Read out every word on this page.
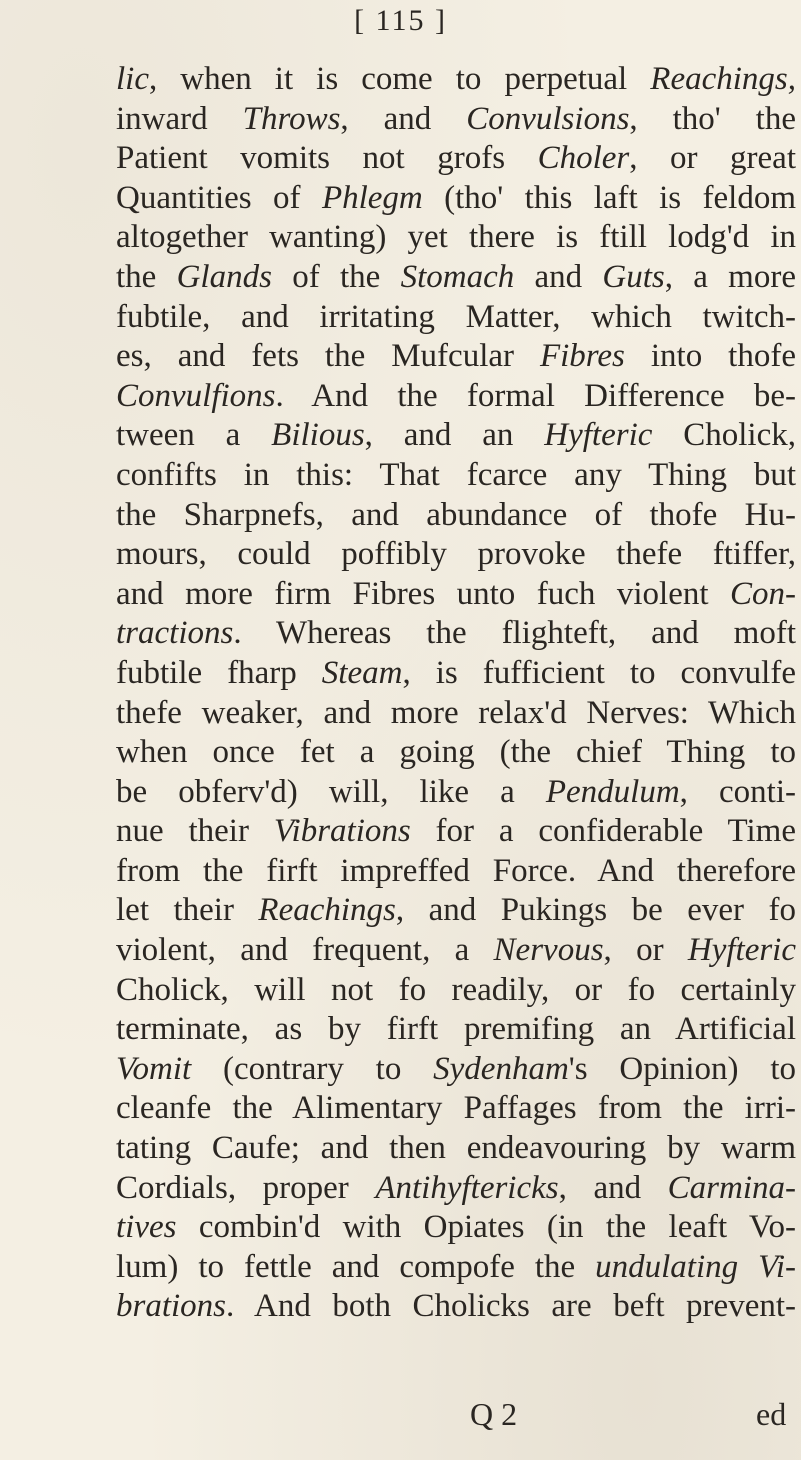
[ 115 ]
lic, when it is come to perpetual Reachings,
inward Throws, and Convulsions, tho' the
Patient vomits not grofs Choler, or great
Quantities of Phlegm (tho' this laft is feldom
altogether wanting) yet there is ftill lodg'd in
the Glands of the Stomach and Guts, a more
fubtile, and irritating Matter, which twitch-
es, and fets the Mufcular Fibres into thofe
Convulfions. And the formal Difference be-
tween a Bilious, and an Hyfteric Cholick,
confifts in this: That fcarce any Thing but
the Sharpnefs, and abundance of thofe Hu-
mours, could poffibly provoke thefe ftiffer,
and more firm Fibres unto fuch violent Con-
tractions. Whereas the flighteft, and moft
fubtile fharp Steam, is fufficient to convulfe
thefe weaker, and more relax'd Nerves: Which
when once fet a going (the chief Thing to
be obferv'd) will, like a Pendulum, conti-
nue their Vibrations for a confiderable Time
from the firft impreffed Force. And therefore
let their Reachings, and Pukings be ever fo
violent, and frequent, a Nervous, or Hyfteric
Cholick, will not fo readily, or fo certainly
terminate, as by firft premifing an Artificial
Vomit (contrary to Sydenham's Opinion) to
cleanfe the Alimentary Paffages from the irri-
tating Caufe; and then endeavouring by warm
Cordials, proper Antihyftericks, and Carmina-
tives combin'd with Opiates (in the leaft Vo-
lum) to fettle and compofe the undulating Vi-
brations. And both Cholicks are beft prevent-
Q 2	ed
